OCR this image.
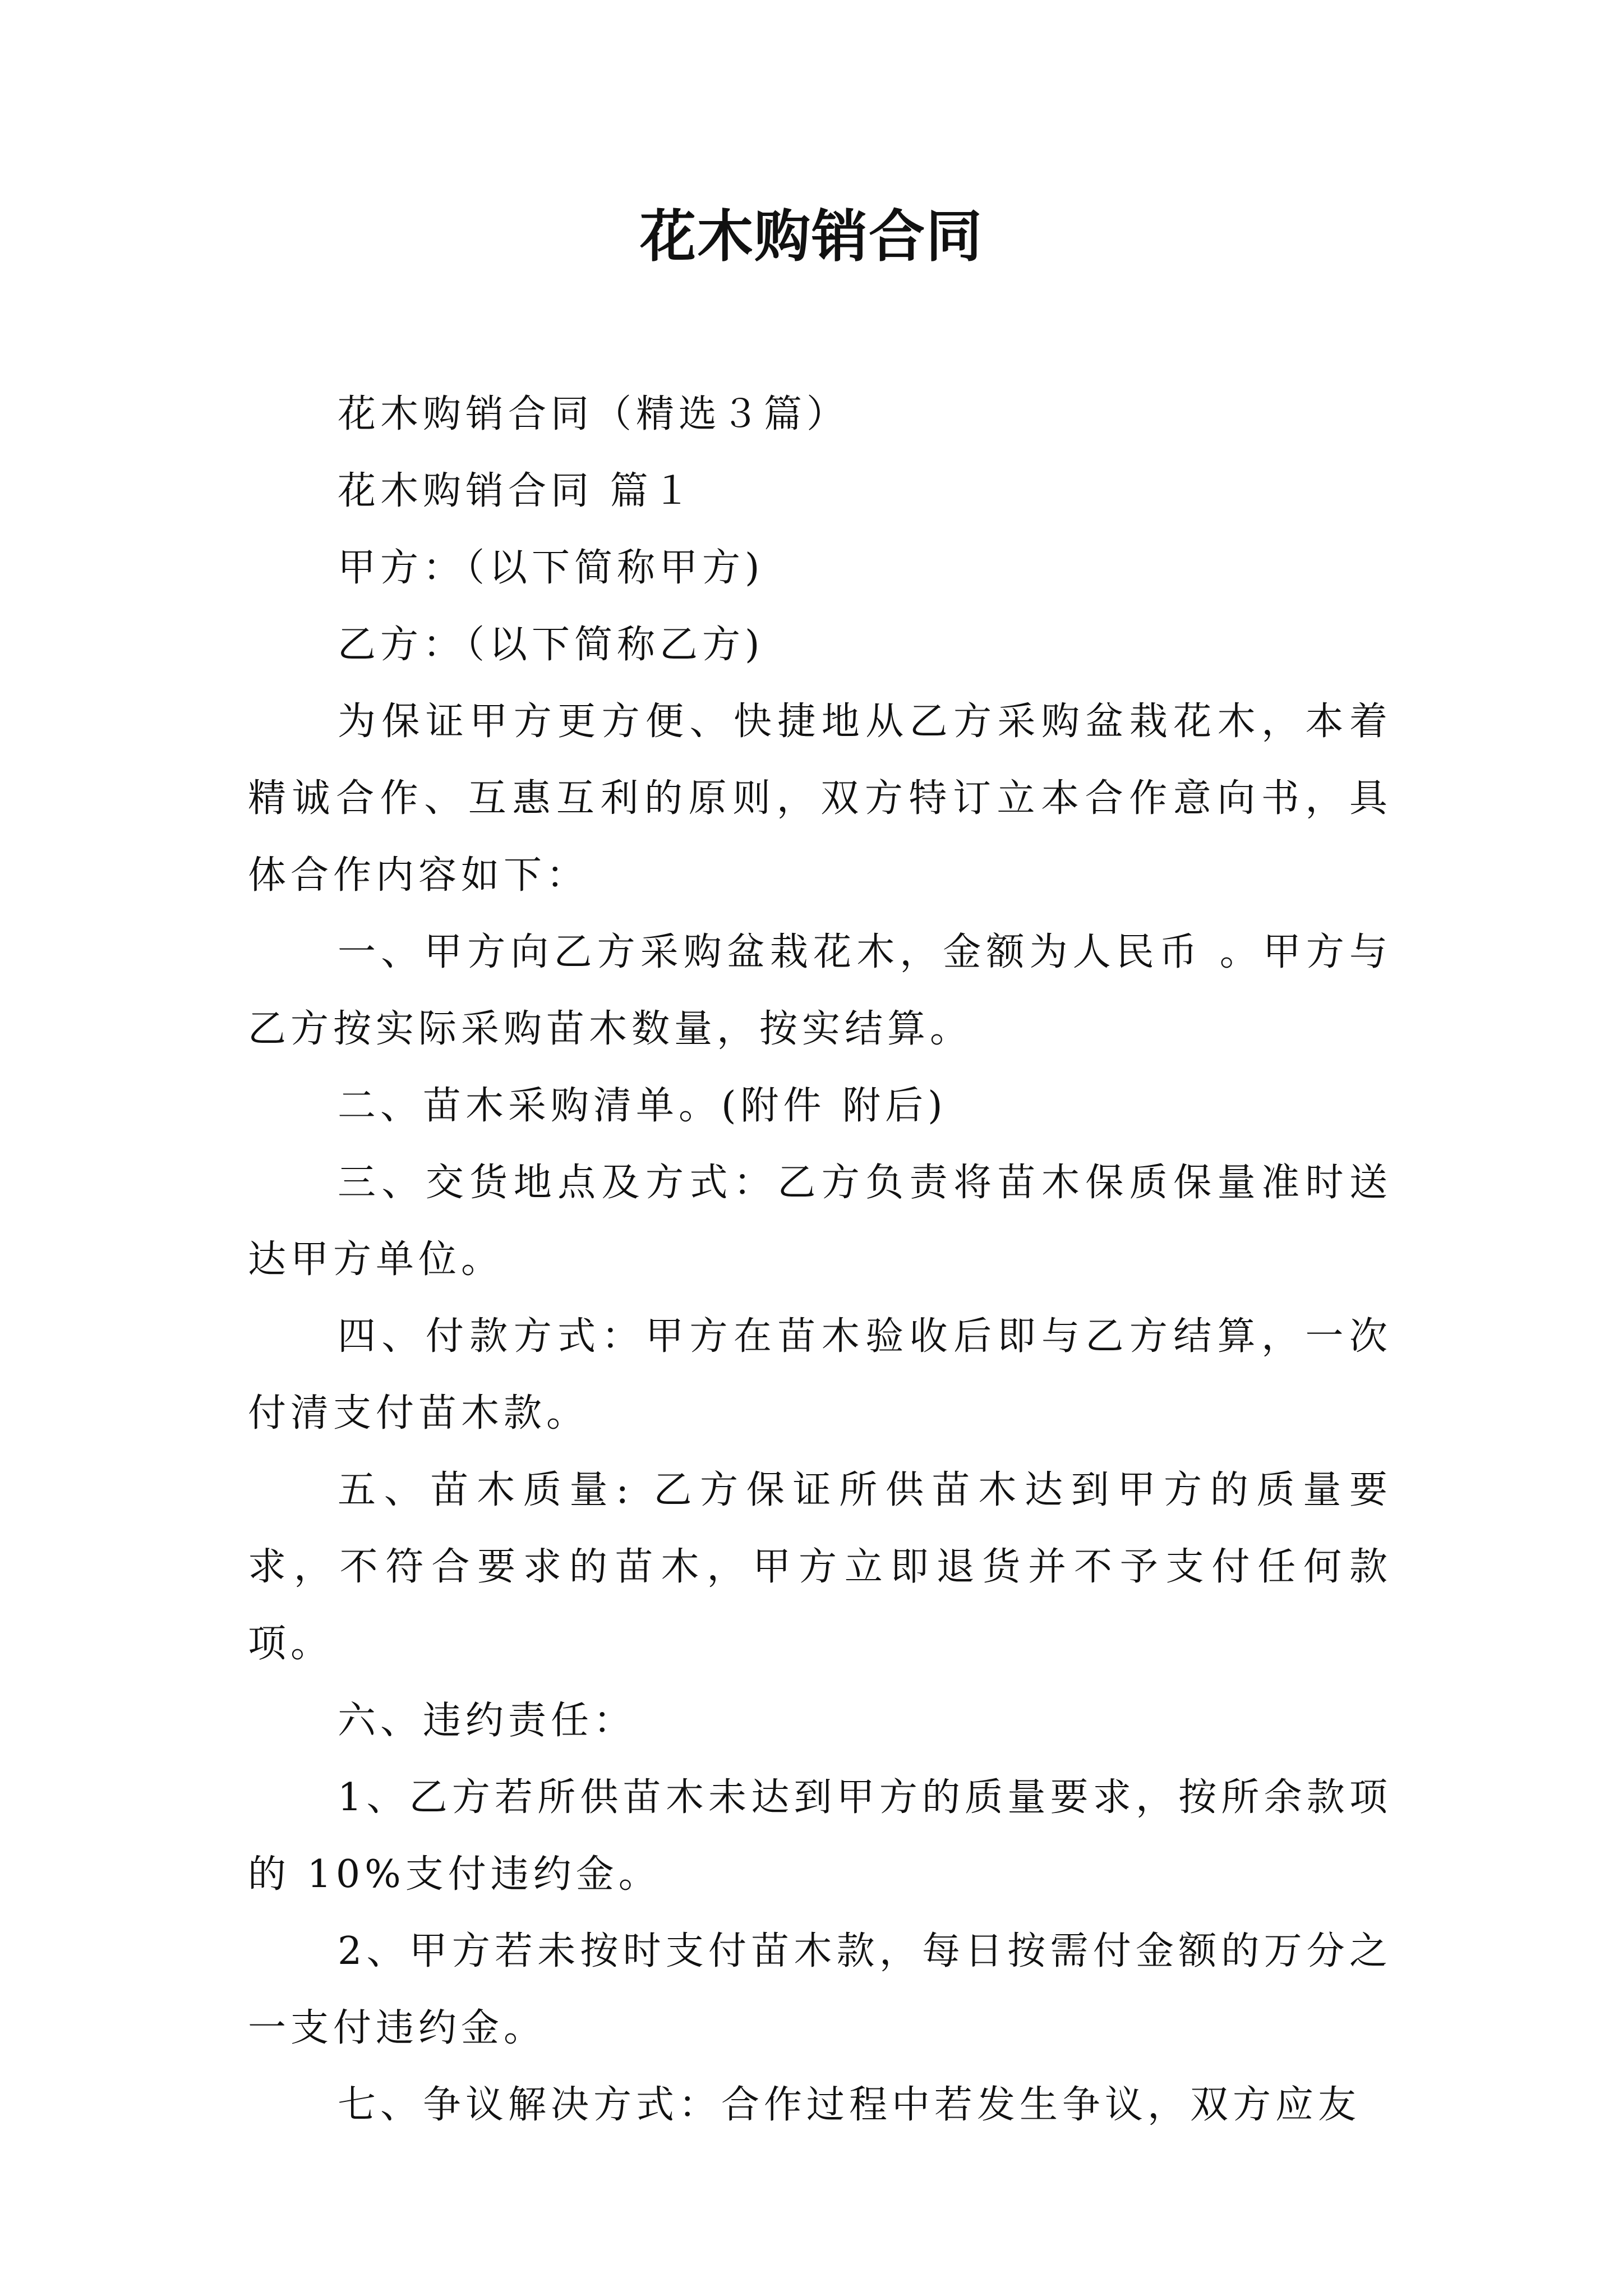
花木购销合同

花木购销合同（精选３篇）

花木购销合同 篇１

甲方：（以下简称甲方)

乙方：（以下简称乙方)

为保证甲方更方便、快捷地从乙方采购盆栽花木，本着精诚合作、互惠互利的原则，双方特订立本合作意向书，具体合作内容如下：

一、甲方向乙方采购盆栽花木，金额为人民币 。甲方与乙方按实际采购苗木数量，按实结算。

二、苗木采购清单。(附件 附后)

三、交货地点及方式：乙方负责将苗木保质保量准时送达甲方单位。

四、付款方式：甲方在苗木验收后即与乙方结算，一次付清支付苗木款。

五、苗木质量: 乙方保证所供苗木达到甲方的质量要求，不符合要求的苗木，甲方立即退货并不予支付任何款项。

六、违约责任：

1、乙方若所供苗木未达到甲方的质量要求，按所余款项的 10%支付违约金。

2、甲方若未按时支付苗木款，每日按需付金额的万分之一支付违约金。

七、争议解决方式：合作过程中若发生争议，双方应友
